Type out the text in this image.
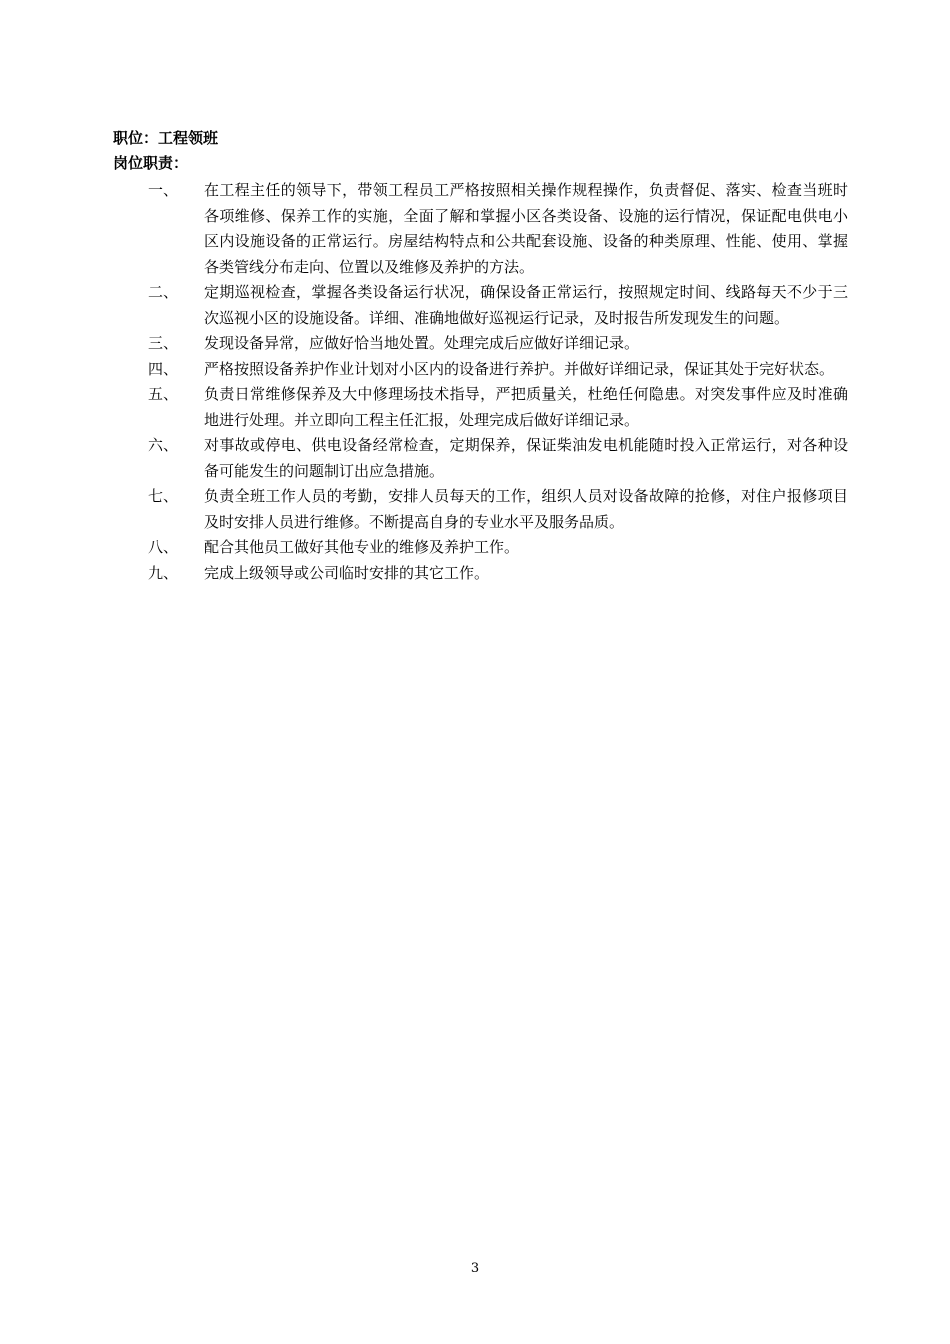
职位：工程领班
岗位职责：
一、	在工程主任的领导下，带领工程员工严格按照相关操作规程操作，负责督促、落实、检查当班时各项维修、保养工作的实施，全面了解和掌握小区各类设备、设施的运行情况，保证配电供电小区内设施设备的正常运行。房屋结构特点和公共配套设施、设备的种类原理、性能、使用、掌握各类管线分布走向、位置以及维修及养护的方法。
二、	定期巡视检查，掌握各类设备运行状况，确保设备正常运行，按照规定时间、线路每天不少于三次巡视小区的设施设备。详细、准确地做好巡视运行记录，及时报告所发现发生的问题。
三、	发现设备异常，应做好恰当地处置。处理完成后应做好详细记录。
四、	严格按照设备养护作业计划对小区内的设备进行养护。并做好详细记录，保证其处于完好状态。
五、	负责日常维修保养及大中修理场技术指导，严把质量关，杜绝任何隐患。对突发事件应及时准确地进行处理。并立即向工程主任汇报，处理完成后做好详细记录。
六、	对事故或停电、供电设备经常检查，定期保养，保证柴油发电机能随时投入正常运行，对各种设备可能发生的问题制订出应急措施。
七、	负责全班工作人员的考勤，安排人员每天的工作，组织人员对设备故障的抢修，对住户报修项目及时安排人员进行维修。不断提高自身的专业水平及服务品质。
八、	配合其他员工做好其他专业的维修及养护工作。
九、	完成上级领导或公司临时安排的其它工作。
3
